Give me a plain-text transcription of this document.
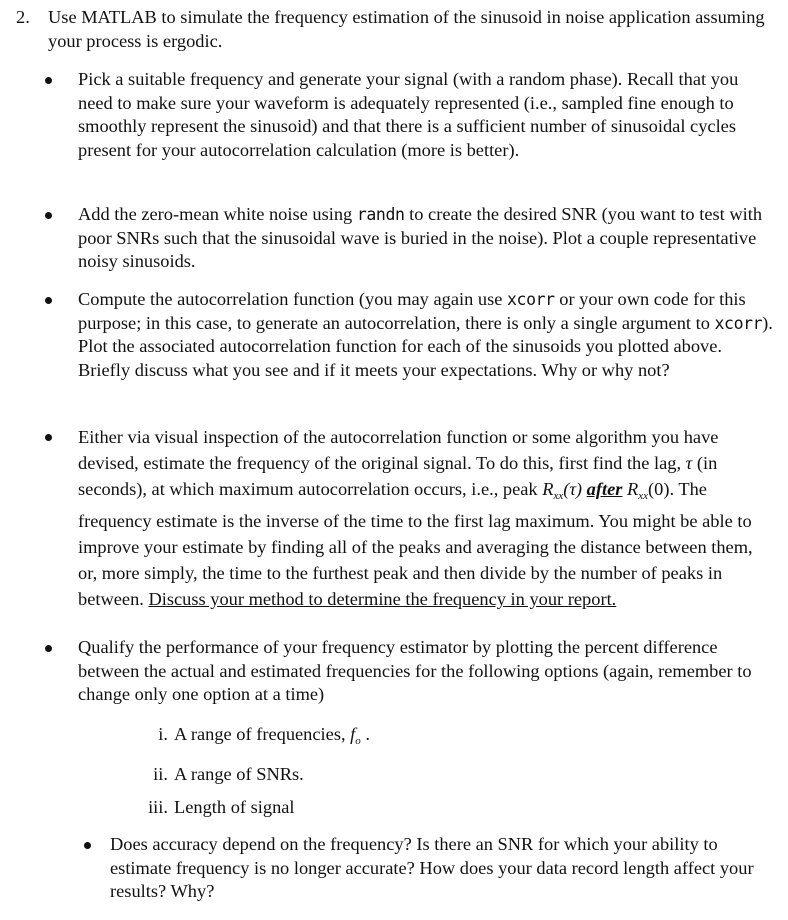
2. Use MATLAB to simulate the frequency estimation of the sinusoid in noise application assuming your process is ergodic.
Pick a suitable frequency and generate your signal (with a random phase). Recall that you need to make sure your waveform is adequately represented (i.e., sampled fine enough to smoothly represent the sinusoid) and that there is a sufficient number of sinusoidal cycles present for your autocorrelation calculation (more is better).
Add the zero-mean white noise using randn to create the desired SNR (you want to test with poor SNRs such that the sinusoidal wave is buried in the noise). Plot a couple representative noisy sinusoids.
Compute the autocorrelation function (you may again use xcorr or your own code for this purpose; in this case, to generate an autocorrelation, there is only a single argument to xcorr). Plot the associated autocorrelation function for each of the sinusoids you plotted above. Briefly discuss what you see and if it meets your expectations. Why or why not?
Either via visual inspection of the autocorrelation function or some algorithm you have devised, estimate the frequency of the original signal. To do this, first find the lag, τ (in seconds), at which maximum autocorrelation occurs, i.e., peak $R_{xx}(\tau)$ after $R_{xx}(0)$. The frequency estimate is the inverse of the time to the first lag maximum. You might be able to improve your estimate by finding all of the peaks and averaging the distance between them, or, more simply, the time to the furthest peak and then divide by the number of peaks in between. Discuss your method to determine the frequency in your report.
Qualify the performance of your frequency estimator by plotting the percent difference between the actual and estimated frequencies for the following options (again, remember to change only one option at a time)
i. A range of frequencies, $f_o$ .
ii. A range of SNRs.
iii. Length of signal
Does accuracy depend on the frequency? Is there an SNR for which your ability to estimate frequency is no longer accurate? How does your data record length affect your results? Why?
